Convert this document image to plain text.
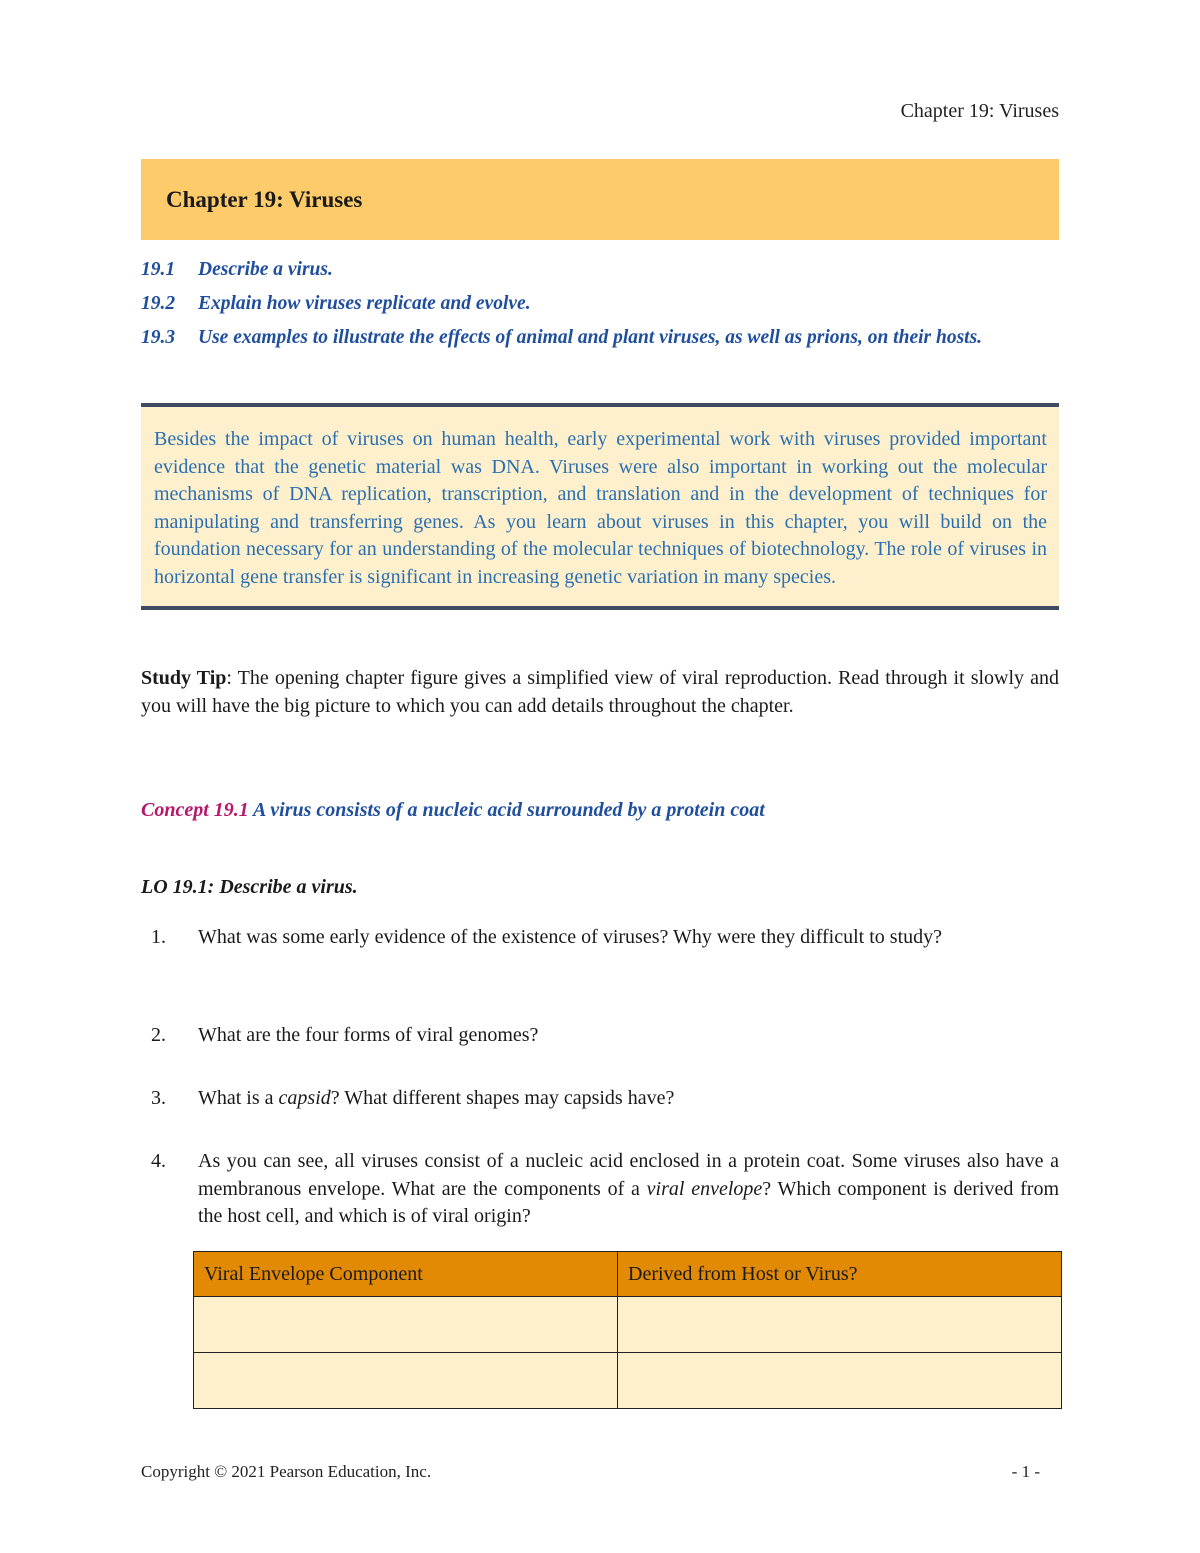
Chapter 19: Viruses
Chapter 19: Viruses
19.1	Describe a virus.
19.2	Explain how viruses replicate and evolve.
19.3	Use examples to illustrate the effects of animal and plant viruses, as well as prions, on their hosts.

Besides the impact of viruses on human health, early experimental work with viruses provided important evidence that the genetic material was DNA. Viruses were also important in working out the molecular mechanisms of DNA replication, transcription, and translation and in the development of techniques for manipulating and transferring genes. As you learn about viruses in this chapter, you will build on the foundation necessary for an understanding of the molecular techniques of biotechnology. The role of viruses in horizontal gene transfer is significant in increasing genetic variation in many species.

Study Tip: The opening chapter figure gives a simplified view of viral reproduction. Read through it slowly and you will have the big picture to which you can add details throughout the chapter.

Concept 19.1 A virus consists of a nucleic acid surrounded by a protein coat

LO 19.1: Describe a virus.

1.	What was some early evidence of the existence of viruses? Why were they difficult to study?
2.	What are the four forms of viral genomes?
3.	What is a capsid? What different shapes may capsids have?
4.	As you can see, all viruses consist of a nucleic acid enclosed in a protein coat. Some viruses also have a membranous envelope. What are the components of a viral envelope? Which component is derived from the host cell, and which is of viral origin?
Viral Envelope Component	Derived from Host or Virus?

Copyright © 2021 Pearson Education, Inc.	- 1 -
